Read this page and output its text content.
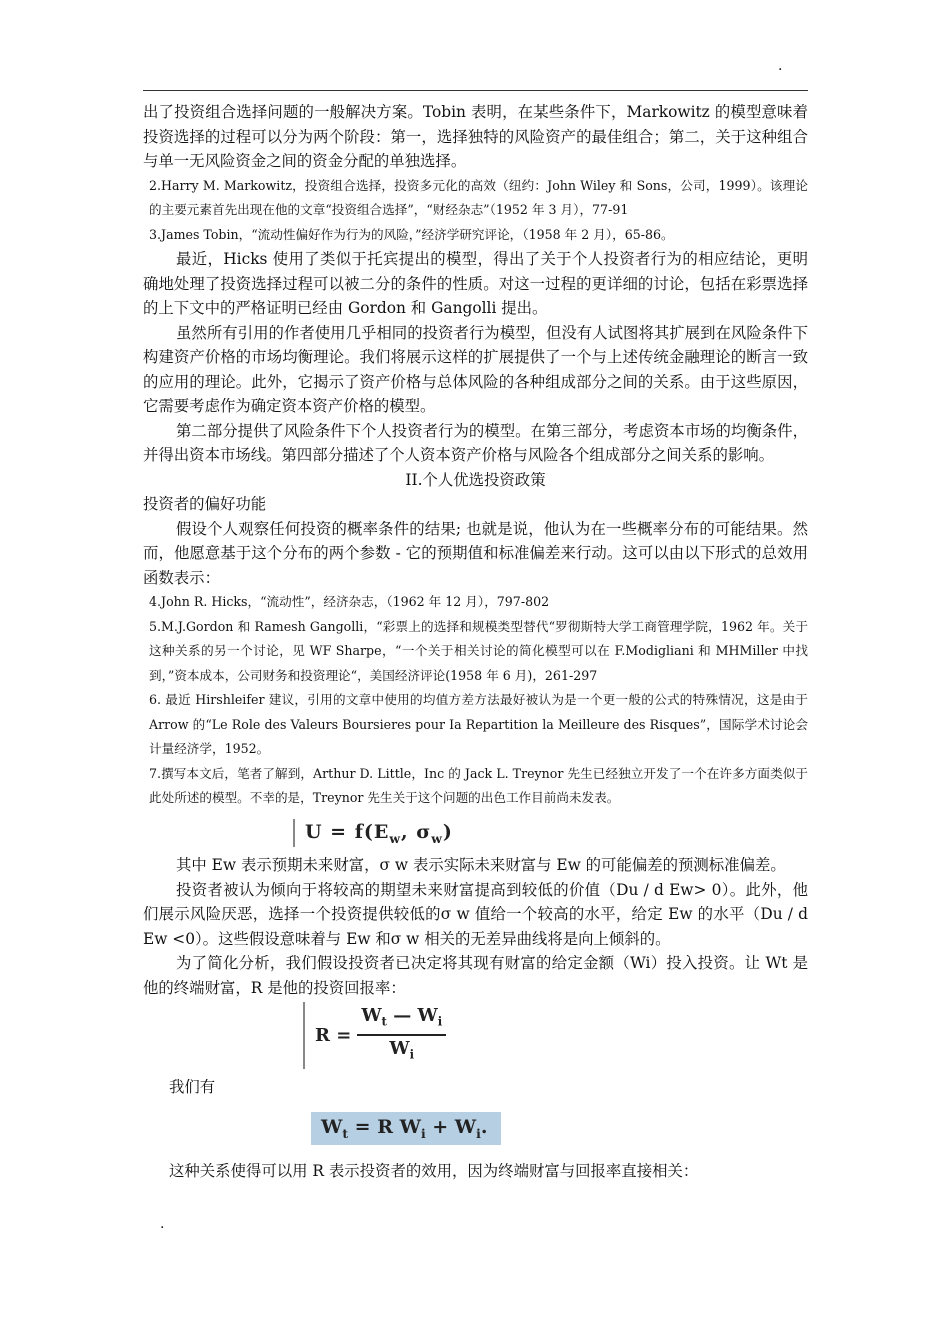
.

出了投资组合选择问题的一般解决方案。Tobin 表明，在某些条件下，Markowitz 的模型意味着投资选择的过程可以分为两个阶段：第一，选择独特的风险资产的最佳组合；第二，关于这种组合与单一无风险资金之间的资金分配的单独选择。

2.Harry M. Markowitz，投资组合选择，投资多元化的高效（纽约：John Wiley 和 Sons，公司，1999）。该理论的主要元素首先出现在他的文章“投资组合选择”，“财经杂志”（1952 年 3 月），77-91

3.James Tobin，“流动性偏好作为行为的风险，”经济学研究评论，（1958 年 2 月），65-86。

最近，Hicks 使用了类似于托宾提出的模型，得出了关于个人投资者行为的相应结论，更明确地处理了投资选择过程可以被二分的条件的性质。对这一过程的更详细的讨论，包括在彩票选择的上下文中的严格证明已经由 Gordon 和 Gangolli 提出。

虽然所有引用的作者使用几乎相同的投资者行为模型，但没有人试图将其扩展到在风险条件下构建资产价格的市场均衡理论。我们将展示这样的扩展提供了一个与上述传统金融理论的断言一致的应用的理论。此外，它揭示了资产价格与总体风险的各种组成部分之间的关系。由于这些原因，它需要考虑作为确定资本资产价格的模型。

第二部分提供了风险条件下个人投资者行为的模型。在第三部分，考虑资本市场的均衡条件，并得出资本市场线。第四部分描述了个人资本资产价格与风险各个组成部分之间关系的影响。

II.个人优选投资政策

投资者的偏好功能

假设个人观察任何投资的概率条件的结果; 也就是说，他认为在一些概率分布的可能结果。然而，他愿意基于这个分布的两个参数 - 它的预期值和标准偏差来行动。这可以由以下形式的总效用函数表示：

4.John R. Hicks，“流动性”，经济杂志，（1962 年 12 月），797-802

5.M.J.Gordon 和 Ramesh Gangolli，“彩票上的选择和规模类型替代“罗彻斯特大学工商管理学院，1962 年。关于这种关系的另一个讨论，见 WF Sharpe，“一个关于相关讨论的简化模型可以在 F.Modigliani 和 MHMiller 中找到，”资本成本，公司财务和投资理论“，美国经济评论(1958 年 6 月)，261-297

6. 最近 Hirshleifer 建议，引用的文章中使用的均值方差方法最好被认为是一个更一般的公式的特殊情况，这是由于 Arrow 的“Le Role des Valeurs Boursieres pour Ia Repartition la Meilleure des Risques”，国际学术讨论会计量经济学，1952。

7.撰写本文后，笔者了解到，Arthur D. Little，Inc 的 Jack L. Treynor 先生已经独立开发了一个在许多方面类似于此处所述的模型。不幸的是，Treynor 先生关于这个问题的出色工作目前尚未发表。

$U = f(E_w$, $\sigma_w$)

其中 Ew 表示预期未来财富，σ w 表示实际未来财富与 Ew 的可能偏差的预测标准偏差。

投资者被认为倾向于将较高的期望未来财富提高到较低的价值（Du / d Ew> 0）。此外，他们展示风险厌恶，选择一个投资提供较低的σ w 值给一个较高的水平，给定 Ew 的水平（Du / d Ew <0）。这些假设意味着与 Ew 和σ w 相关的无差异曲线将是向上倾斜的。

为了简化分析，我们假设投资者已决定将其现有财富的给定金额（Wi）投入投资。让 Wt 是他的终端财富，R 是他的投资回报率：

$R = \frac{W_t — W_i}{W_i}$

我们有

$W_t = R$ $W_i + W_i$.

这种关系使得可以用 R 表示投资者的效用，因为终端财富与回报率直接相关：

.
